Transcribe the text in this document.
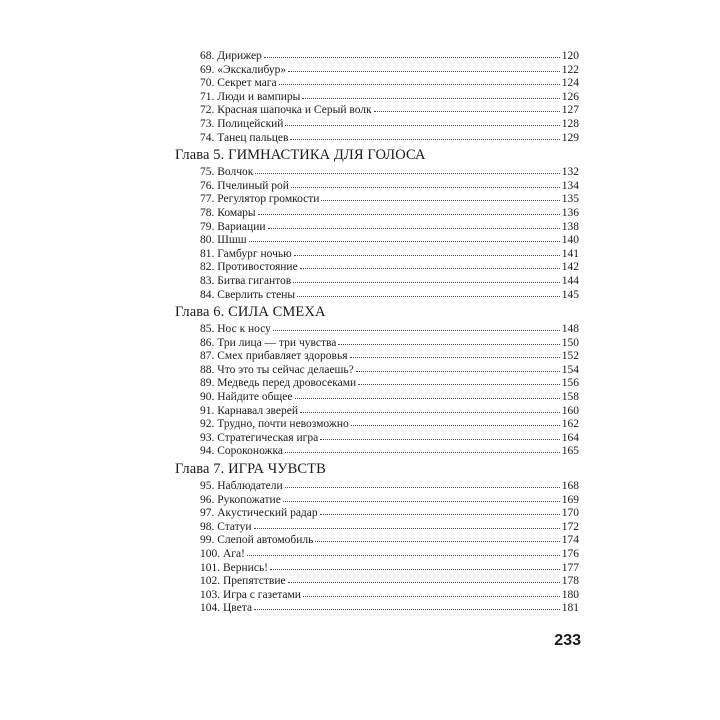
68. Дирижер	120
69. «Экскалибур»	122
70. Секрет мага	124
71. Люди и вампиры	126
72. Красная шапочка и Серый волк	127
73. Полицейский	128
74. Танец пальцев	129
Глава 5. ГИМНАСТИКА ДЛЯ ГОЛОСА
75. Волчок	132
76. Пчелиный рой	134
77. Регулятор громкости	135
78. Комары	136
79. Вариации	138
80. Шшш	140
81. Гамбург ночью	141
82. Противостояние	142
83. Битва гигантов	144
84. Сверлить стены	145
Глава 6. СИЛА СМЕХА
85. Нос к носу	148
86. Три лица — три чувства	150
87. Смех прибавляет здоровья	152
88. Что это ты сейчас делаешь?	154
89. Медведь перед дровосеками	156
90. Найдите общее	158
91. Карнавал зверей	160
92. Трудно, почти невозможно	162
93. Стратегическая игра	164
94. Сороконожка	165
Глава 7. ИГРА ЧУВСТВ
95. Наблюдатели	168
96. Рукопожатие	169
97. Акустический радар	170
98. Статуи	172
99. Слепой автомобиль	174
100. Ага!	176
101. Вернись!	177
102. Препятствие	178
103. Игра с газетами	180
104. Цвета	181
233
